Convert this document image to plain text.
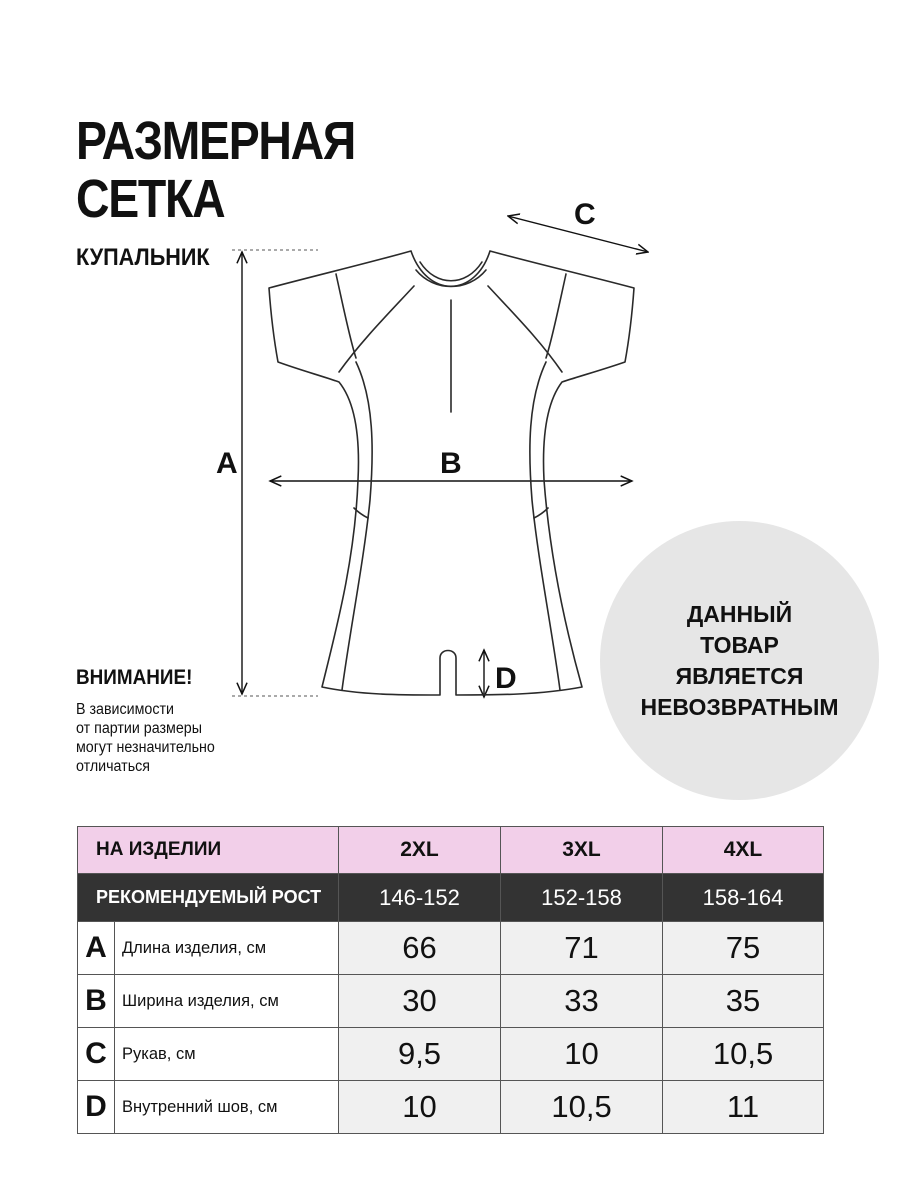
РАЗМЕРНАЯ
СЕТКА
КУПАЛЬНИК
A	B
C
D
ВНИМАНИЕ!
В зависимости
от партии размеры
могут незначительно
отличаться
ДАННЫЙ
ТОВАР
ЯВЛЯЕТСЯ
НЕВОЗВРАТНЫМ
НА ИЗДЕЛИИ		2XL	3XL	4XL
РЕКОМЕНДУЕМЫЙ РОСТ		146-152	152-158	158-164
A	Длина изделия, см	66	71	75
B	Ширина изделия, см	30	33	35
C	Рукав, см	9,5	10	10,5
D	Внутренний шов, см	10	10,5	11
